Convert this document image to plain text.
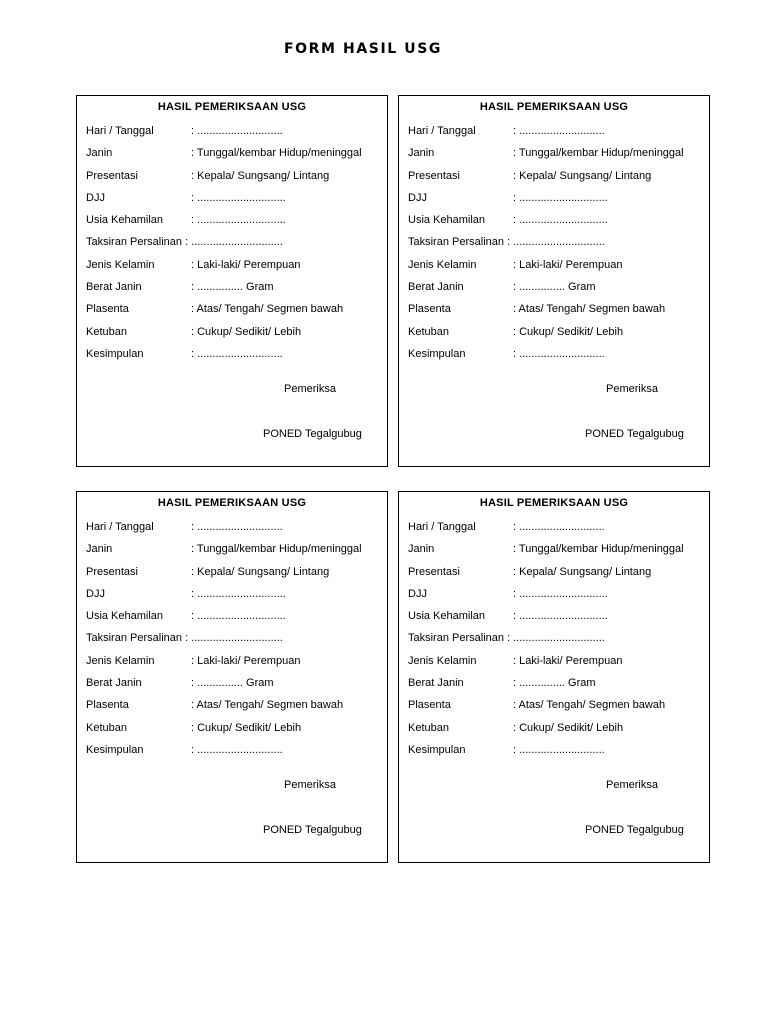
FORM HASIL USG
HASIL PEMERIKSAAN USG
Hari / Tanggal	: ............................
Janin	: Tunggal/kembar Hidup/meninggal
Presentasi	: Kepala/ Sungsang/ Lintang
DJJ	: .............................
Usia Kehamilan	: .............................
Taksiran Persalinan : ..............................
Jenis Kelamin	: Laki-laki/ Perempuan
Berat Janin	: ............... Gram
Plasenta	: Atas/ Tengah/ Segmen bawah
Ketuban	: Cukup/ Sedikit/ Lebih
Kesimpulan	: ............................
Pemeriksa
PONED Tegalgubug
HASIL PEMERIKSAAN USG
Hari / Tanggal	: ............................
Janin	: Tunggal/kembar Hidup/meninggal
Presentasi	: Kepala/ Sungsang/ Lintang
DJJ	: .............................
Usia Kehamilan	: .............................
Taksiran Persalinan : ..............................
Jenis Kelamin	: Laki-laki/ Perempuan
Berat Janin	: ............... Gram
Plasenta	: Atas/ Tengah/ Segmen bawah
Ketuban	: Cukup/ Sedikit/ Lebih
Kesimpulan	: ............................
Pemeriksa
PONED Tegalgubug
HASIL PEMERIKSAAN USG
Hari / Tanggal	: ............................
Janin	: Tunggal/kembar Hidup/meninggal
Presentasi	: Kepala/ Sungsang/ Lintang
DJJ	: .............................
Usia Kehamilan	: .............................
Taksiran Persalinan : ..............................
Jenis Kelamin	: Laki-laki/ Perempuan
Berat Janin	: ............... Gram
Plasenta	: Atas/ Tengah/ Segmen bawah
Ketuban	: Cukup/ Sedikit/ Lebih
Kesimpulan	: ............................
Pemeriksa
PONED Tegalgubug
HASIL PEMERIKSAAN USG
Hari / Tanggal	: ............................
Janin	: Tunggal/kembar Hidup/meninggal
Presentasi	: Kepala/ Sungsang/ Lintang
DJJ	: .............................
Usia Kehamilan	: .............................
Taksiran Persalinan : ..............................
Jenis Kelamin	: Laki-laki/ Perempuan
Berat Janin	: ............... Gram
Plasenta	: Atas/ Tengah/ Segmen bawah
Ketuban	: Cukup/ Sedikit/ Lebih
Kesimpulan	: ............................
Pemeriksa
PONED Tegalgubug
